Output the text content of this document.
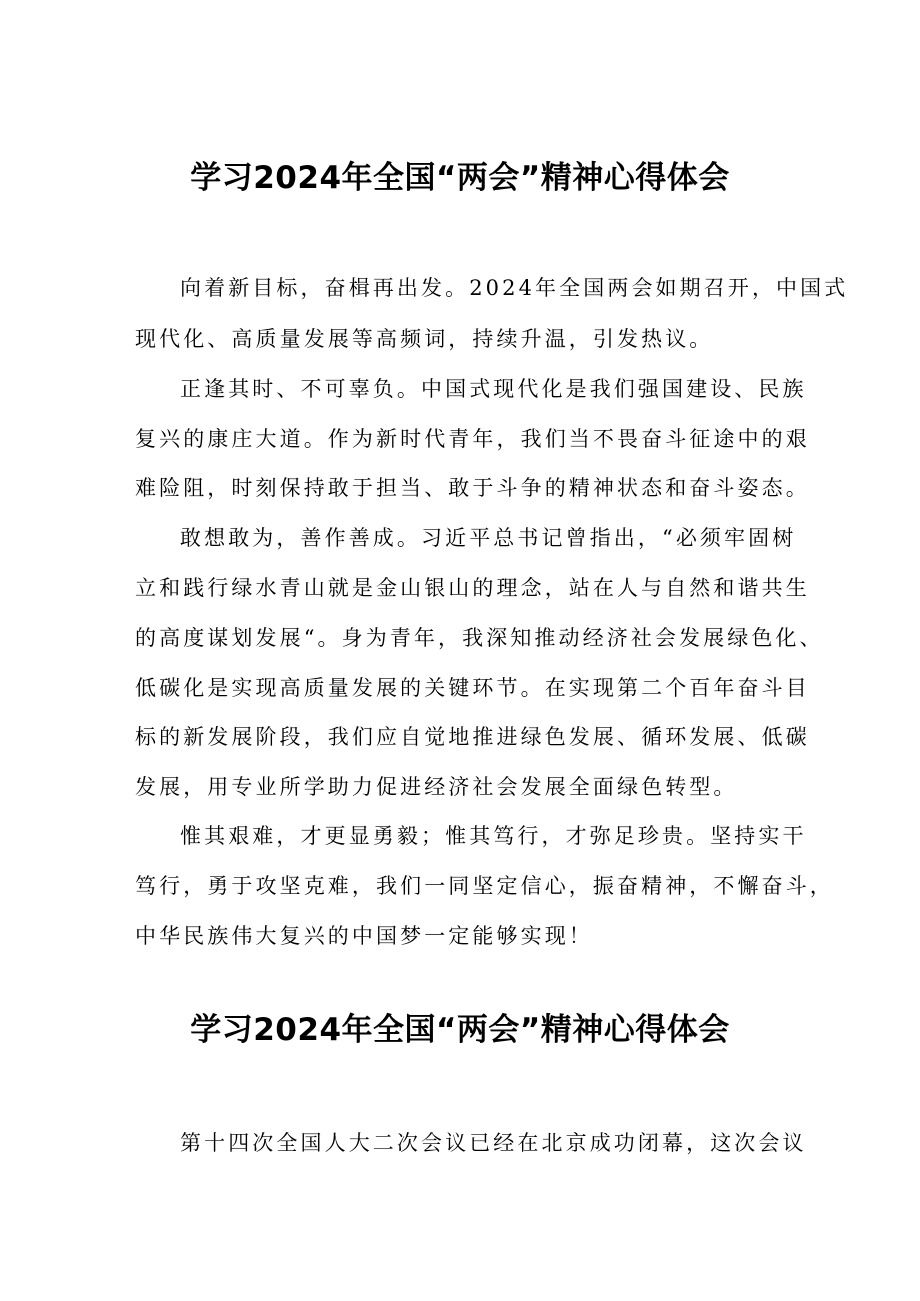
学习2024年全国“两会”精神心得体会
向着新目标，奋楫再出发。2024年全国两会如期召开，中国式
现代化、高质量发展等高频词，持续升温，引发热议。
正逢其时、不可辜负。中国式现代化是我们强国建设、民族
复兴的康庄大道。作为新时代青年，我们当不畏奋斗征途中的艰
难险阻，时刻保持敢于担当、敢于斗争的精神状态和奋斗姿态。
敢想敢为，善作善成。习近平总书记曾指出，“必须牢固树
立和践行绿水青山就是金山银山的理念，站在人与自然和谐共生
的高度谋划发展“。身为青年，我深知推动经济社会发展绿色化、
低碳化是实现高质量发展的关键环节。在实现第二个百年奋斗目
标的新发展阶段，我们应自觉地推进绿色发展、循环发展、低碳
发展，用专业所学助力促进经济社会发展全面绿色转型。
惟其艰难，才更显勇毅；惟其笃行，才弥足珍贵。坚持实干
笃行，勇于攻坚克难，我们一同坚定信心，振奋精神，不懈奋斗，
中华民族伟大复兴的中国梦一定能够实现！
学习2024年全国“两会”精神心得体会
第十四次全国人大二次会议已经在北京成功闭幕，这次会议
